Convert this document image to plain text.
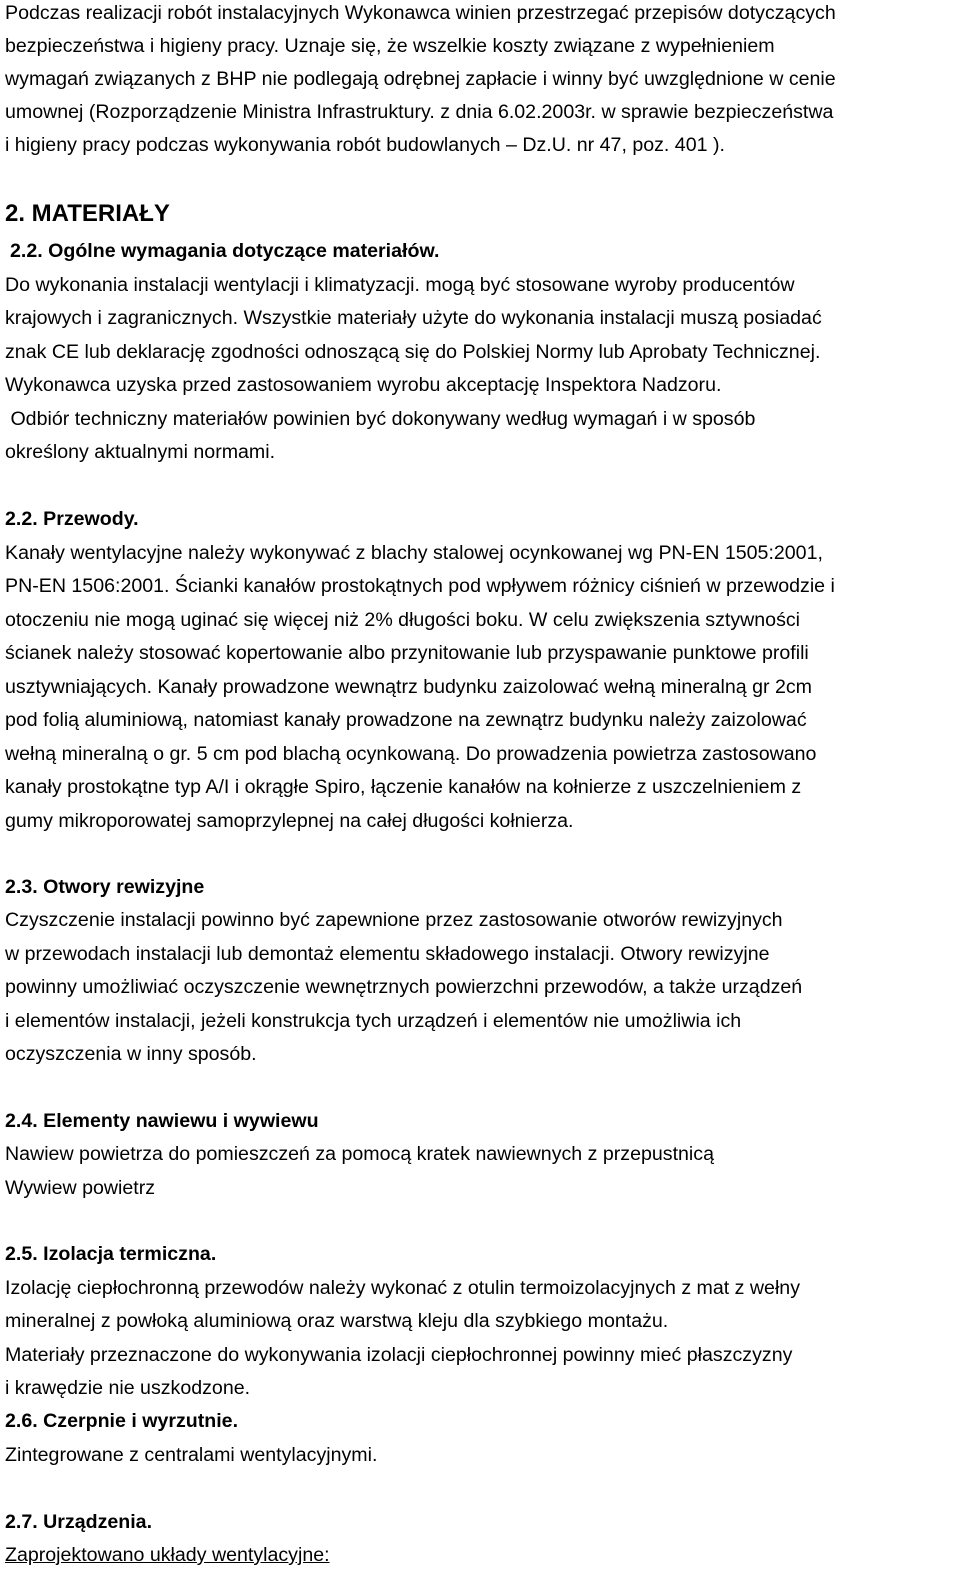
Podczas realizacji robót instalacyjnych Wykonawca winien przestrzegać przepisów dotyczących
bezpieczeństwa i higieny pracy. Uznaje się, że wszelkie koszty związane z wypełnieniem
wymagań związanych z BHP nie podlegają odrębnej zapłacie i winny być uwzględnione w cenie
umownej (Rozporządzenie Ministra Infrastruktury. z dnia 6.02.2003r. w sprawie bezpieczeństwa
i higieny pracy podczas wykonywania robót budowlanych – Dz.U. nr 47, poz. 401 ).
2. MATERIAŁY
2.2. Ogólne wymagania dotyczące materiałów.
Do wykonania instalacji wentylacji i klimatyzacji. mogą być stosowane wyroby producentów
krajowych i zagranicznych. Wszystkie materiały użyte do wykonania instalacji muszą posiadać
znak CE lub deklarację zgodności odnoszącą się do Polskiej Normy lub Aprobaty Technicznej.
Wykonawca uzyska przed zastosowaniem wyrobu akceptację Inspektora Nadzoru.
Odbiór techniczny materiałów powinien być dokonywany według wymagań i w sposób
określony aktualnymi normami.
2.2. Przewody.
Kanały wentylacyjne należy wykonywać z blachy stalowej ocynkowanej wg PN-EN 1505:2001,
PN-EN 1506:2001. Ścianki kanałów prostokątnych pod wpływem różnicy ciśnień w przewodzie i
otoczeniu nie mogą uginać się więcej niż 2% długości boku. W celu zwiększenia sztywności
ścianek należy stosować kopertowanie albo przynitowanie lub przyspawanie punktowe profili
usztywniających. Kanały prowadzone wewnątrz budynku zaizolować wełną mineralną gr 2cm
pod folią aluminiową, natomiast kanały prowadzone na zewnątrz budynku należy zaizolować
wełną mineralną o gr. 5 cm pod blachą ocynkowaną. Do prowadzenia powietrza zastosowano
kanały prostokątne typ A/I i okrągłe Spiro, łączenie kanałów na kołnierze z uszczelnieniem z
gumy mikroporowatej samoprzylepnej na całej długości kołnierza.
2.3. Otwory rewizyjne
Czyszczenie instalacji powinno być zapewnione przez zastosowanie otworów rewizyjnych
w przewodach instalacji lub demontaż elementu składowego instalacji. Otwory rewizyjne
powinny umożliwiać oczyszczenie wewnętrznych powierzchni przewodów, a także urządzeń
i elementów instalacji, jeżeli konstrukcja tych urządzeń i elementów nie umożliwia ich
oczyszczenia w inny sposób.
2.4. Elementy nawiewu i wywiewu
Nawiew powietrza do pomieszczeń za pomocą kratek nawiewnych z przepustnicą
Wywiew powietrz
2.5. Izolacja termiczna.
Izolację ciepłochronną przewodów należy wykonać z otulin termoizolacyjnych z mat z wełny
mineralnej z powłoką aluminiową oraz warstwą kleju dla szybkiego montażu.
Materiały przeznaczone do wykonywania izolacji ciepłochronnej powinny mieć płaszczyzny
i krawędzie nie uszkodzone.
2.6. Czerpnie i wyrzutnie.
Zintegrowane z centralami wentylacyjnymi.
2.7. Urządzenia.
Zaprojektowano układy wentylacyjne:
